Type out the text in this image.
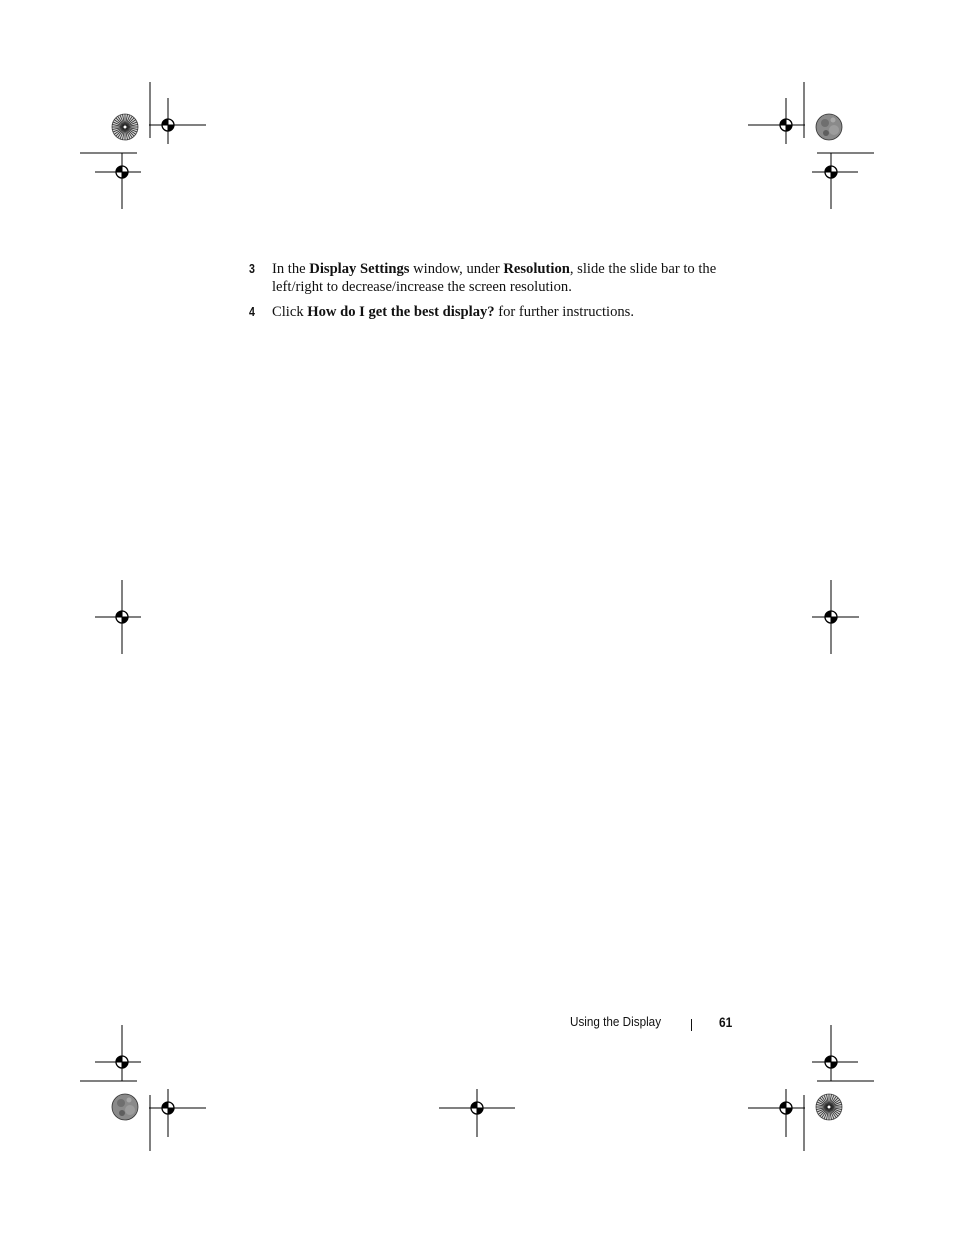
3 In the Display Settings window, under Resolution, slide the slide bar to the left/right to decrease/increase the screen resolution.
4 Click How do I get the best display? for further instructions.
Using the Display	61
